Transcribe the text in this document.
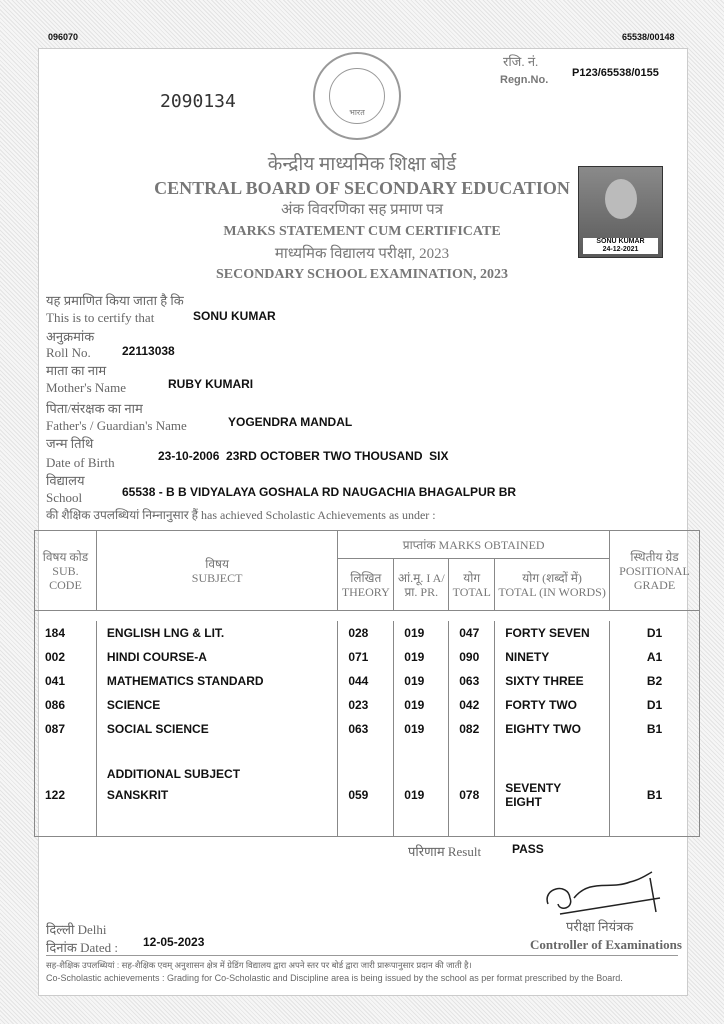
096070	65538/00148
2090134
भारत
रजि. नं.
Regn.No.
P123/65538/0155
केन्द्रीय माध्यमिक शिक्षा बोर्ड
CENTRAL BOARD OF SECONDARY EDUCATION
अंक विवरणिका सह प्रमाण पत्र
MARKS STATEMENT CUM CERTIFICATE
माध्यमिक विद्यालय परीक्षा, 2023
SECONDARY SCHOOL EXAMINATION, 2023
SONU KUMAR
24-12-2021
यह प्रमाणित किया जाता है कि
This is to certify that	SONU KUMAR
अनुक्रमांक
Roll No.	22113038
माता का नाम
Mother's Name	RUBY KUMARI
पिता/संरक्षक का नाम
Father's / Guardian's Name	YOGENDRA MANDAL
जन्म तिथि
Date of Birth	23-10-2006  23RD OCTOBER TWO THOUSAND  SIX
विद्यालय
School	65538 - B B VIDYALAYA GOSHALA RD NAUGACHIA BHAGALPUR BR
की शैक्षिक उपलब्धियां निम्नानुसार हैं has achieved Scholastic Achievements as under :
विषय कोड
SUB. CODE	विषय
SUBJECT	प्राप्तांक MARKS OBTAINED				स्थितीय ग्रेड
POSITIONAL GRADE
		लिखित
THEORY	आं.मू. I A/ प्रा. PR.	योग
TOTAL	योग (शब्दों में)
TOTAL (IN WORDS)	

184	ENGLISH LNG & LIT.	028	019	047	FORTY SEVEN	D1
002	HINDI COURSE-A	071	019	090	NINETY	A1
041	MATHEMATICS STANDARD	044	019	063	SIXTY THREE	B2
086	SCIENCE	023	019	042	FORTY TWO	D1
087	SOCIAL SCIENCE	063	019	082	EIGHTY TWO	B1
	ADDITIONAL SUBJECT					
122	SANSKRIT	059	019	078	SEVENTY EIGHT	B1

परिणाम Result	PASS
दिल्ली Delhi
दिनांक Dated : 12-05-2023
परीक्षा नियंत्रक
Controller of Examinations
सह-शैक्षिक उपलब्धियां : सह-शैक्षिक एवम् अनुशासन क्षेत्र में ग्रेडिंग विद्यालय द्वारा अपने स्तर पर बोर्ड द्वारा जारी प्रारूपानुसार प्रदान की जाती है।
Co-Scholastic achievements : Grading for Co-Scholastic and Discipline area is being issued by the school as per format prescribed by the Board.
